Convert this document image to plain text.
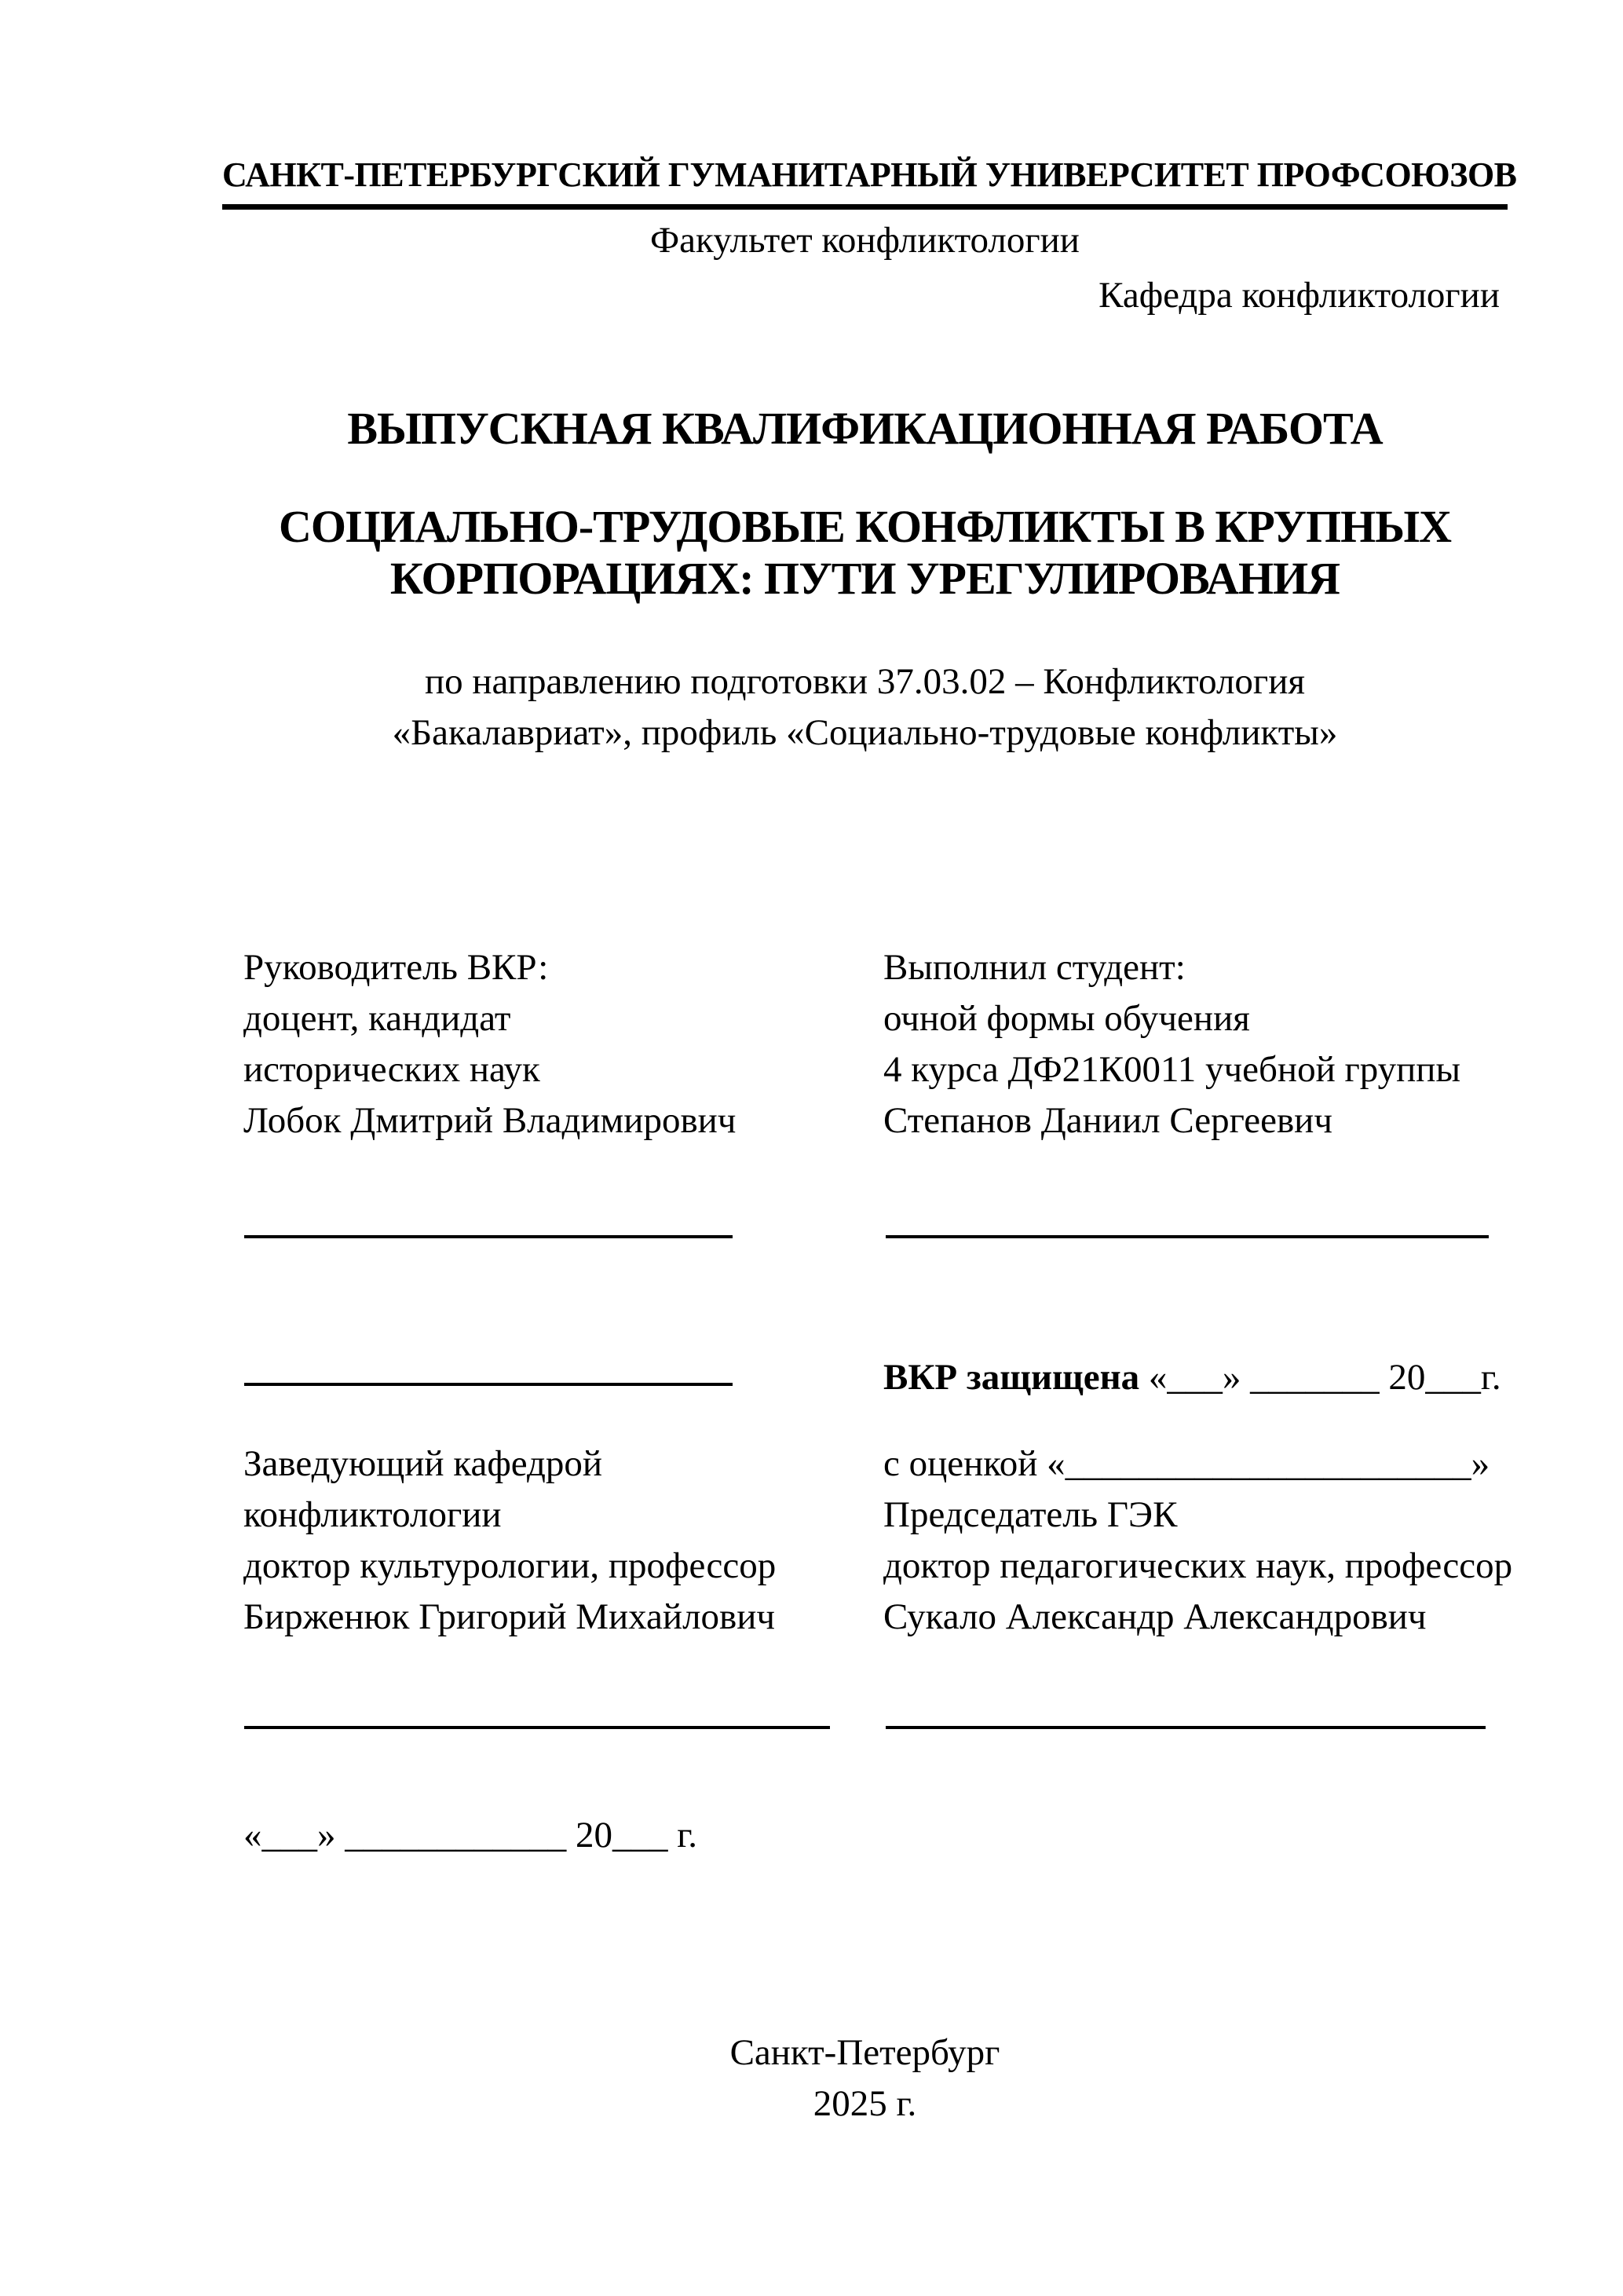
САНКТ-ПЕТЕРБУРГСКИЙ ГУМАНИТАРНЫЙ УНИВЕРСИТЕТ ПРОФСОЮЗОВ
Факультет конфликтологии
Кафедра конфликтологии
ВЫПУСКНАЯ КВАЛИФИКАЦИОННАЯ РАБОТА
СОЦИАЛЬНО-ТРУДОВЫЕ КОНФЛИКТЫ В КРУПНЫХ
КОРПОРАЦИЯХ: ПУТИ УРЕГУЛИРОВАНИЯ
по направлению подготовки 37.03.02 – Конфликтология
«Бакалавриат», профиль «Социально-трудовые конфликты»
Руководитель ВКР:
доцент, кандидат
исторических наук
Лобок Дмитрий Владимирович
Выполнил студент:
очной формы обучения
4 курса ДФ21К0011 учебной группы
Степанов Даниил Сергеевич
ВКР защищена «___» _______ 20___г.
Заведующий кафедрой
конфликтологии
доктор культурологии, профессор
Бирженюк Григорий Михайлович
с оценкой «______________________»
Председатель ГЭК
доктор педагогических наук, профессор
Сукало Александр Александрович
«___» ____________ 20___ г.
Санкт-Петербург
2025 г.
